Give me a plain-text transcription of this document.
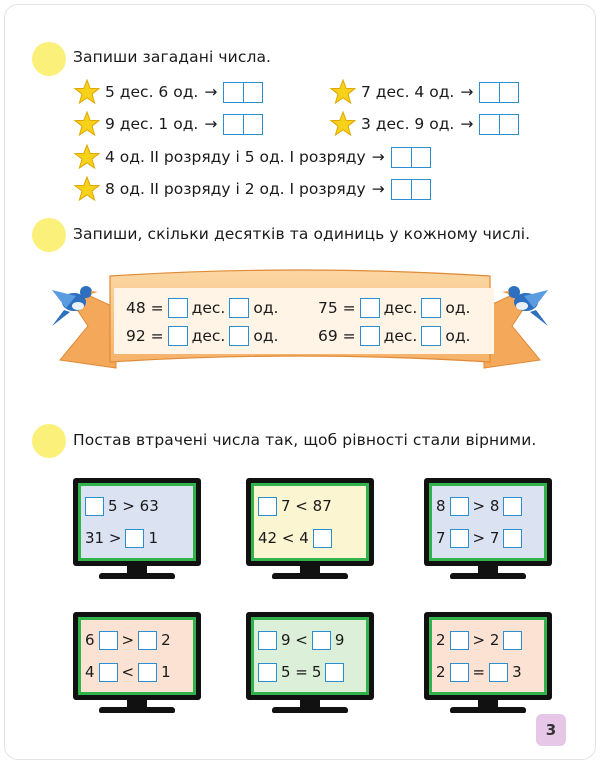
Запиши загадані числа.
5 дес. 6 од. →	7 дес. 4 од. →
9 дес. 1 од. →	3 дес. 9 од. →
4 од. II розряду і 5 од. I розряду →
8 од. II розряду і 2 од. I розряду →
Запиши, скільки десятків та одиниць у кожному числі.
48 = дес. од.	75 = дес. од.
92 = дес. од.	69 = дес. од.
Постав втрачені числа так, щоб рівності стали вірними.
5 > 63
31 > 1
7 < 87
42 < 4
8 > 8
7 > 7
6 > 2
4 < 1
9 < 9
5 = 5
2 > 2
2 = 3
3
